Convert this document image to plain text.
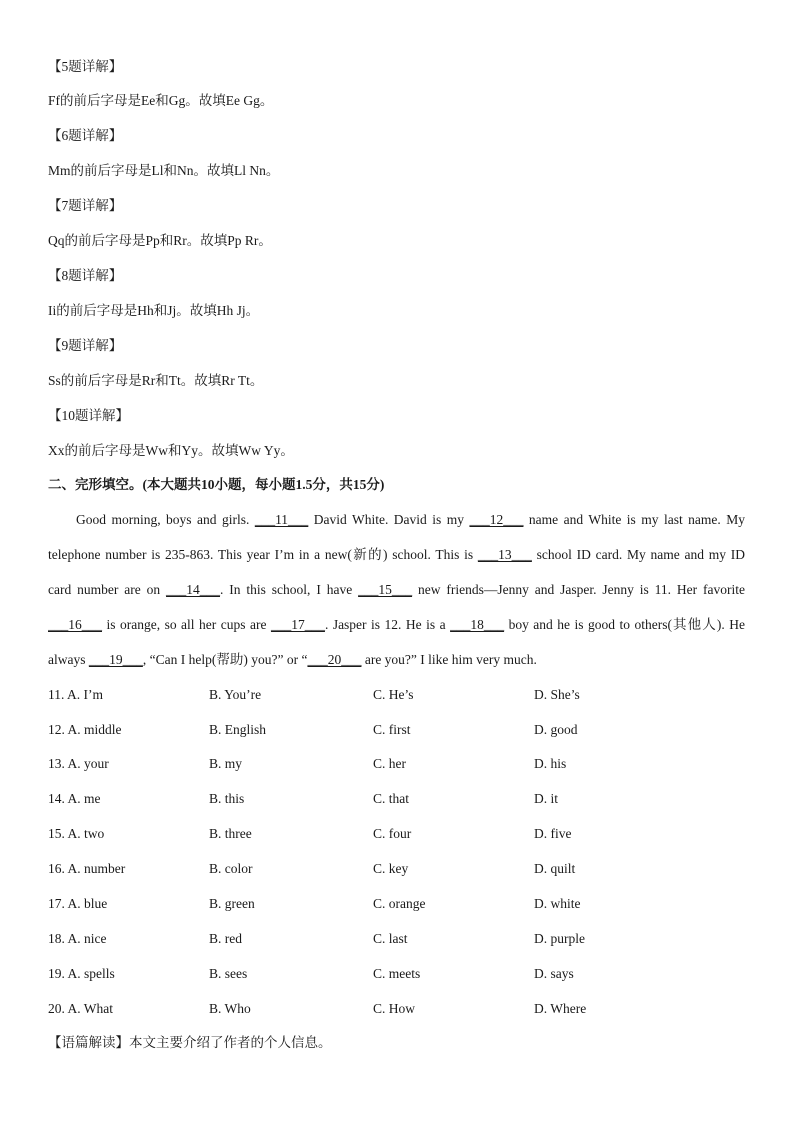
【5题详解】
Ff的前后字母是Ee和Gg。故填Ee Gg。
【6题详解】
Mm的前后字母是Ll和Nn。故填Ll Nn。
【7题详解】
Qq的前后字母是Pp和Rr。故填Pp Rr。
【8题详解】
Ii的前后字母是Hh和Jj。故填Hh Jj。
【9题详解】
Ss的前后字母是Rr和Tt。故填Rr Tt。
【10题详解】
Xx的前后字母是Ww和Yy。故填Ww Yy。
二、完形填空。(本大题共10小题，每小题1.5分，共15分)
Good morning, boys and girls. ___11___ David White. David is my ___12___ name and White is my last name. My
telephone number is 235-863. This year I’m in a new(新的) school. This is ___13___ school ID card. My name and my ID
card number are on ___14___. In this school, I have ___15___ new friends—Jenny and Jasper. Jenny is 11. Her favorite
___16___ is orange, so all her cups are ___17___. Jasper is 12. He is a ___18___ boy and he is good to others(其他人). He
always ___19___, “Can I help(帮助) you?” or “___20___ are you?” I like him very much.
11. A. I’m	B. You’re	C. He’s	D. She’s
12. A. middle	B. English	C. first	D. good
13. A. your	B. my	C. her	D. his
14. A. me	B. this	C. that	D. it
15. A. two	B. three	C. four	D. five
16. A. number	B. color	C. key	D. quilt
17. A. blue	B. green	C. orange	D. white
18. A. nice	B. red	C. last	D. purple
19. A. spells	B. sees	C. meets	D. says
20. A. What	B. Who	C. How	D. Where
【语篇解读】本文主要介绍了作者的个人信息。
